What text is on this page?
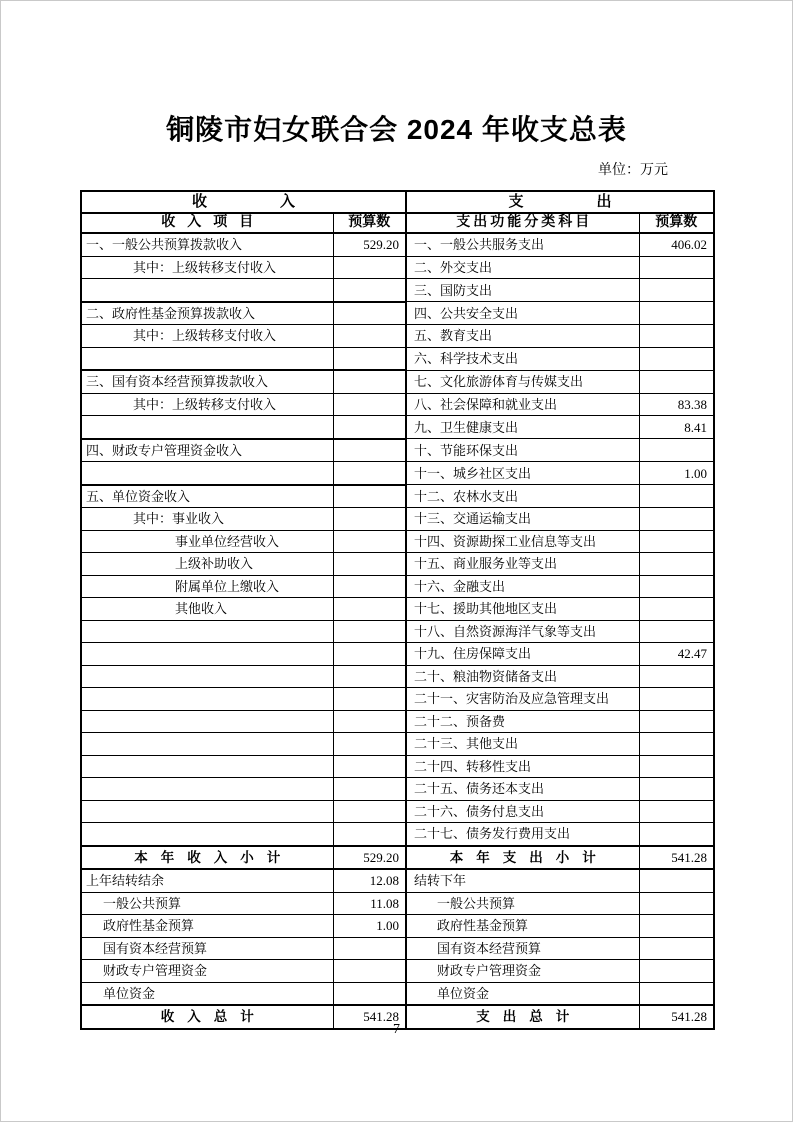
铜陵市妇女联合会 2024 年收支总表
单位：万元
收入		支出	
收入项目	预算数	支出功能分类科目	预算数
一、一般公共预算拨款收入	529.20	一、一般公共服务支出	406.02
其中：上级转移支付收入		二、外交支出	
		三、国防支出	
二、政府性基金预算拨款收入		四、公共安全支出	
其中：上级转移支付收入		五、教育支出	
		六、科学技术支出	
三、国有资本经营预算拨款收入		七、文化旅游体育与传媒支出	
其中：上级转移支付收入		八、社会保障和就业支出	83.38
		九、卫生健康支出	8.41
四、财政专户管理资金收入		十、节能环保支出	
		十一、城乡社区支出	1.00
五、单位资金收入		十二、农林水支出	
其中：事业收入		十三、交通运输支出	
事业单位经营收入		十四、资源勘探工业信息等支出	
上级补助收入		十五、商业服务业等支出	
附属单位上缴收入		十六、金融支出	
其他收入		十七、援助其他地区支出	
		十八、自然资源海洋气象等支出	
		十九、住房保障支出	42.47
		二十、粮油物资储备支出	
		二十一、灾害防治及应急管理支出	
		二十二、预备费	
		二十三、其他支出	
		二十四、转移性支出	
		二十五、债务还本支出	
		二十六、债务付息支出	
		二十七、债务发行费用支出	
本年收入小计	529.20	本年支出小计	541.28
上年结转结余	12.08	结转下年	
一般公共预算	11.08	一般公共预算	
政府性基金预算	1.00	政府性基金预算	
国有资本经营预算		国有资本经营预算	
财政专户管理资金		财政专户管理资金	
单位资金		单位资金	
收入总计	541.28	支出总计	541.28
7
